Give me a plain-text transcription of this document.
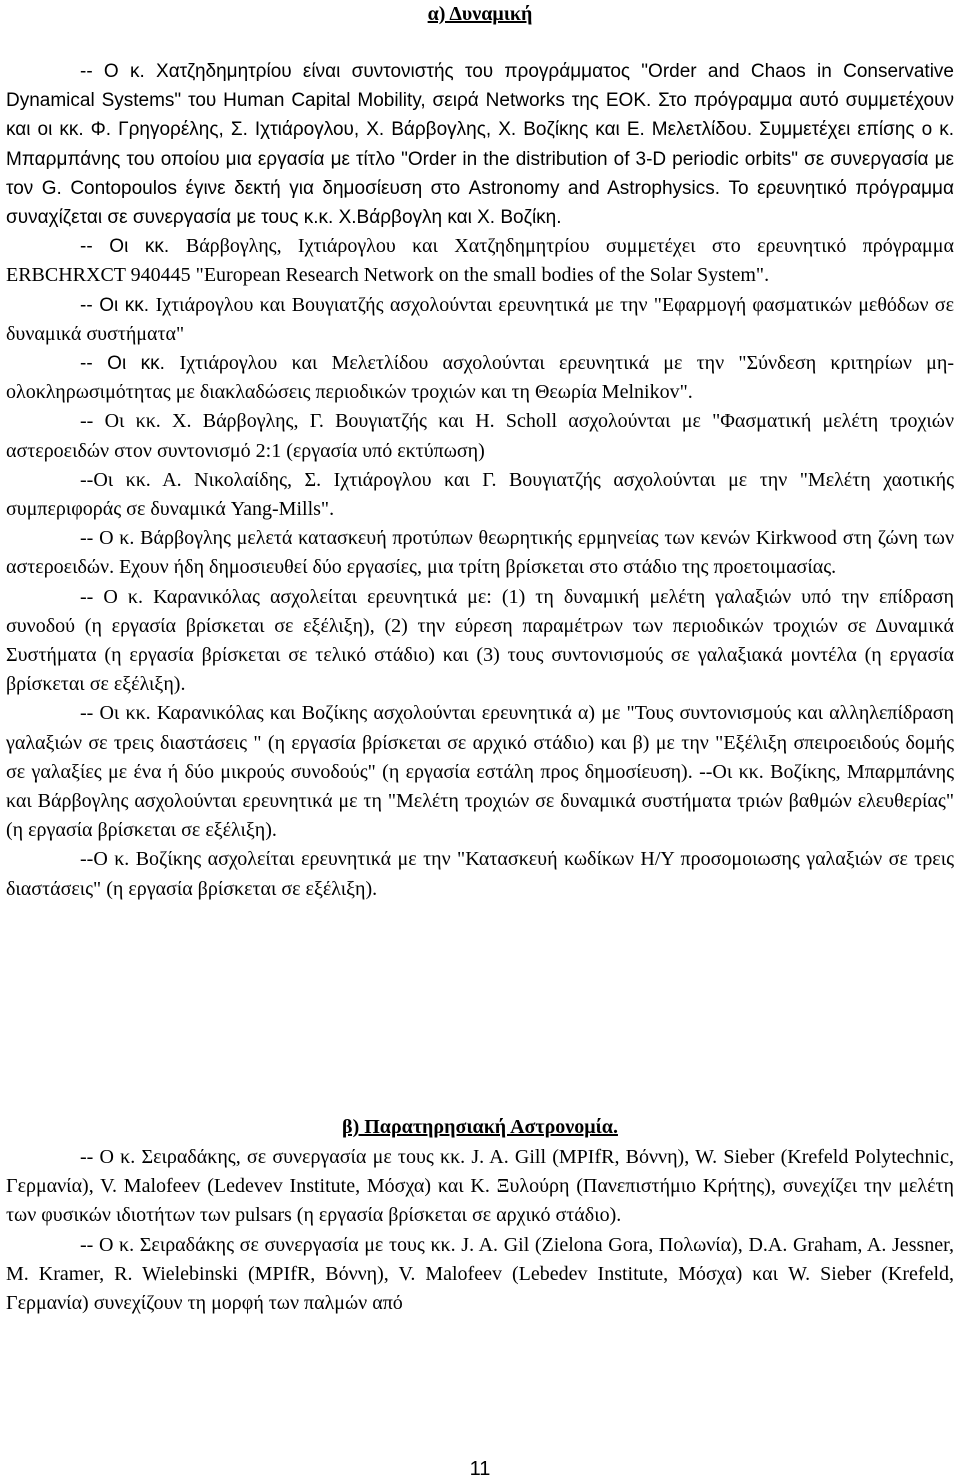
α) Δυναμική

-- Ο κ. Χατζηδημητρίου είναι συντονιστής του προγράμματος "Order and Chaos in Conservative Dynamical Systems" του Human Capital Mobility, σειρά Networks της ΕΟΚ. Στο πρόγραμμα αυτό συμμετέχουν και οι κκ. Φ. Γρηγορέλης, Σ. Ιχτιάρογλου, Χ. Βάρβογλης, Χ. Βοζίκης και Ε. Μελετλίδου. Συμμετέχει επίσης ο κ. Μπαρμπάνης του οποίου μια εργασία με τίτλο "Order in the distribution of 3-D periodic orbits" σε συνεργασία με τον G. Contopoulos έγινε δεκτή για δημοσίευση στο Astronomy and Astrophysics. Το ερευνητικό πρόγραμμα συναχίζεται σε συνεργασία με τους κ.κ. Χ.Βάρβογλη και Χ. Βοζίκη.

-- Οι κκ. Βάρβογλης, Ιχτιάρογλου και Χατζηδημητρίου συμμετέχει στο ερευνητικό πρόγραμμα ERBCHRXCT 940445 "European Research Network on the small bodies of the Solar System".

-- Οι κκ. Ιχτιάρογλου και Βουγιατζής ασχολούνται ερευνητικά με την "Εφαρμογή φασματικών μεθόδων σε δυναμικά συστήματα"

-- Οι κκ. Ιχτιάρογλου και Μελετλίδου ασχολούνται ερευνητικά με την "Σύνδεση κριτηρίων μη-ολοκληρωσιμότητας με διακλαδώσεις περιοδικών τροχιών και τη Θεωρία Melnikov".

-- Οι κκ. Χ. Βάρβογλης, Γ. Βουγιατζής και Η. Scholl ασχολούνται με "Φασματική μελέτη τροχιών αστεροειδών στον συντονισμό 2:1 (εργασία υπό εκτύπωση)

--Οι κκ. Α. Νικολαίδης, Σ. Ιχτιάρογλου και Γ. Βουγιατζής ασχολούνται με την "Μελέτη χαοτικής συμπεριφοράς σε δυναμικά Yang-Mills".

-- Ο κ. Βάρβογλης μελετά κατασκευή προτύπων θεωρητικής ερμηνείας των κενών Kirkwood στη ζώνη των αστεροειδών. Εχουν ήδη δημοσιευθεί δύο εργασίες, μια τρίτη βρίσκεται στο στάδιο της προετοιμασίας.

-- Ο κ. Καρανικόλας ασχολείται ερευνητικά με: (1) τη δυναμική μελέτη γαλαξιών υπό την επίδραση συνοδού (η εργασία βρίσκεται σε εξέλιξη), (2) την εύρεση παραμέτρων των περιοδικών τροχιών σε Δυναμικά Συστήματα (η εργασία βρίσκεται σε τελικό στάδιο) και (3) τους συντονισμούς σε γαλαξιακά μοντέλα (η εργασία βρίσκεται σε εξέλιξη).

-- Οι κκ. Καρανικόλας και Βοζίκης ασχολούνται ερευνητικά α) με "Τους συντονισμούς και αλληλεπίδραση γαλαξιών σε τρεις διαστάσεις " (η εργασία βρίσκεται σε αρχικό στάδιο) και β) με την "Εξέλιξη σπειροειδούς δομής σε γαλαξίες με ένα ή δύο μικρούς συνοδούς" (η εργασία εστάλη προς δημοσίευση). --Οι κκ. Βοζίκης, Μπαρμπάνης και Βάρβογλης ασχολούνται ερευνητικά με τη "Μελέτη τροχιών σε δυναμικά συστήματα τριών βαθμών ελευθερίας" (η εργασία βρίσκεται σε εξέλιξη).

--Ο κ. Βοζίκης ασχολείται ερευνητικά με την "Κατασκευή κωδίκων Η/Υ προσομοιωσης γαλαξιών σε τρεις διαστάσεις" (η εργασία βρίσκεται σε εξέλιξη).

β) Παρατηρησιακή Αστρονομία.

-- Ο κ. Σειραδάκης, σε συνεργασία με τους κκ. J. A. Gill (MPIfR, Βόννη), W. Sieber (Krefeld Polytechnic, Γερμανία), V. Malofeev (Ledevev Institute, Μόσχα) και Κ. Ξυλούρη (Πανεπιστήμιο Κρήτης), συνεχίζει την μελέτη των φυσικών ιδιοτήτων των pulsars (η εργασία βρίσκεται σε αρχικό στάδιο).

-- Ο κ. Σειραδάκης σε συνεργασία με τους κκ. J. A. Gil (Zielona Gora, Πολωνία), D.A. Graham, A. Jessner, M. Kramer, R. Wielebinski (MPIfR, Βόννη), V. Malofeev (Lebedev Institute, Μόσχα) και W. Sieber (Krefeld, Γερμανία) συνεχίζουν τη μορφή των παλμών από

11
